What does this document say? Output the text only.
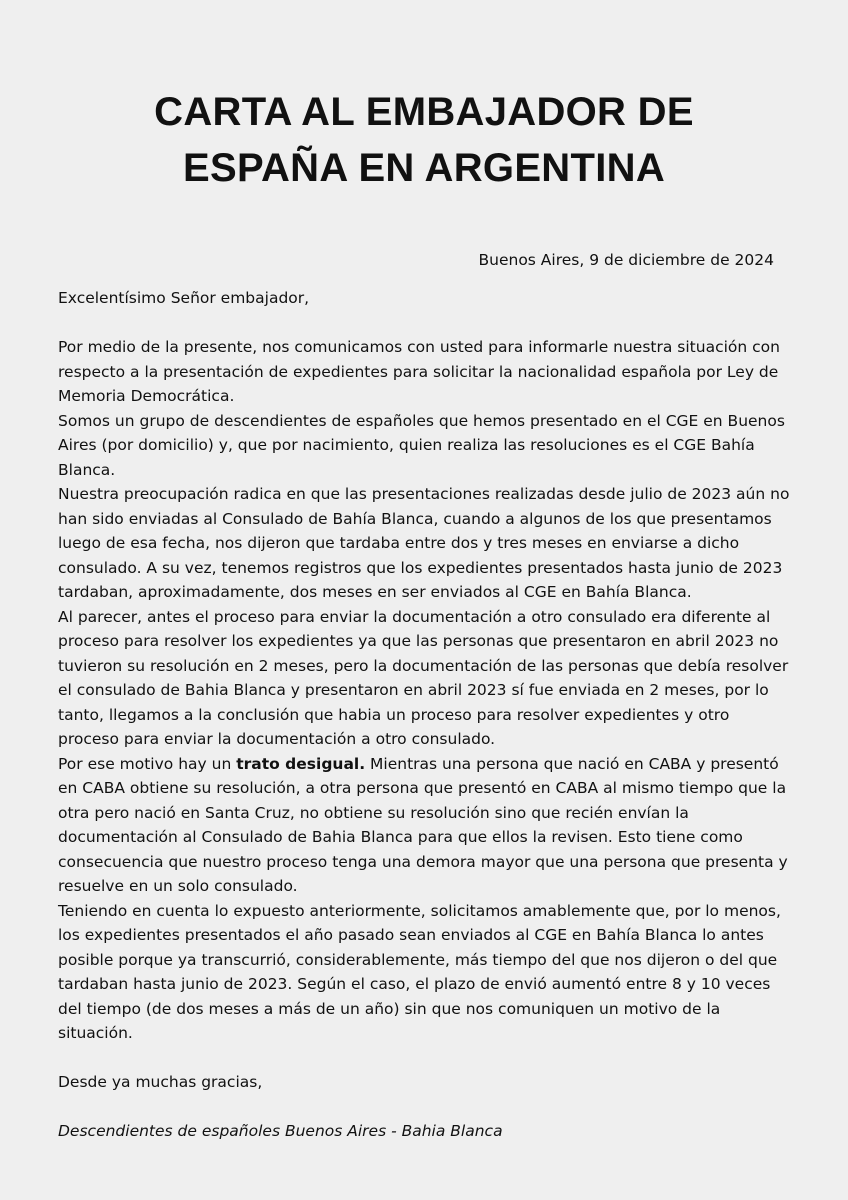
CARTA AL EMBAJADOR DE
ESPAÑA EN ARGENTINA
Buenos Aires, 9 de diciembre de 2024

Excelentísimo Señor embajador,

Por medio de la presente, nos comunicamos con usted para informarle nuestra situación con respecto a la presentación de expedientes para solicitar la nacionalidad española por Ley de Memoria Democrática.

Somos un grupo de descendientes de españoles que hemos presentado en el CGE en Buenos Aires (por domicilio) y, que por nacimiento, quien realiza las resoluciones es el CGE Bahía Blanca.

Nuestra preocupación radica en que las presentaciones realizadas desde julio de 2023 aún no han sido enviadas al Consulado de Bahía Blanca, cuando a algunos de los que presentamos luego de esa fecha, nos dijeron que tardaba entre dos y tres meses en enviarse a dicho consulado. A su vez, tenemos registros que los expedientes presentados hasta junio de 2023 tardaban, aproximadamente, dos meses en ser enviados al CGE en Bahía Blanca.

Al parecer, antes el proceso para enviar la documentación a otro consulado era diferente al proceso para resolver los expedientes ya que las personas que presentaron en abril 2023 no tuvieron su resolución en 2 meses, pero la documentación de las personas que debía resolver el consulado de Bahia Blanca y presentaron en abril 2023 sí fue enviada en 2 meses, por lo tanto, llegamos a la conclusión que habia un proceso para resolver expedientes y otro proceso para enviar la documentación a otro consulado.

Por ese motivo hay un trato desigual. Mientras una persona que nació en CABA y presentó en CABA obtiene su resolución, a otra persona que presentó en CABA al mismo tiempo que la otra pero nació en Santa Cruz, no obtiene su resolución sino que recién envían la documentación al Consulado de Bahia Blanca para que ellos la revisen. Esto tiene como consecuencia que nuestro proceso tenga una demora mayor que una persona que presenta y resuelve en un solo consulado.

Teniendo en cuenta lo expuesto anteriormente, solicitamos amablemente que, por lo menos, los expedientes presentados el año pasado sean enviados al CGE en Bahía Blanca lo antes posible porque ya transcurrió, considerablemente, más tiempo del que nos dijeron o del que tardaban hasta junio de 2023. Según el caso, el plazo de envió aumentó entre 8 y 10 veces del tiempo (de dos meses a más de un año) sin que nos comuniquen un motivo de la situación.

Desde ya muchas gracias,

Descendientes de españoles Buenos Aires - Bahia Blanca
